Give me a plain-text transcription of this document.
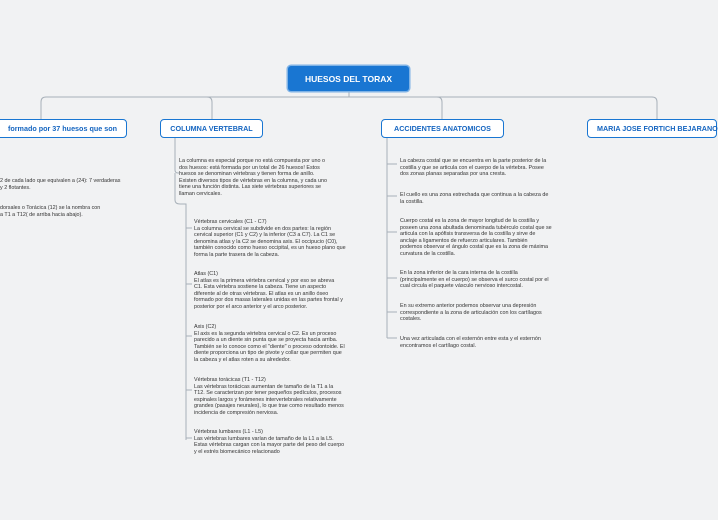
HUESOS DEL TORAX
formado por 37 huesos que son
2 de cada lado que equivalen a (24): 7 verdaderas
y 2 flotantes.
dorsales o Torácica (12) se la nombra con
a T1 a T12( de arriba hacia abajo).
COLUMNA VERTEBRAL
La columna es especial porque no está compuesta por uno o
dos huesos: está formada por un total de 26 huesos! Estos
huesos se denominan vértebras y tienen forma de anillo.
Existen diversos tipos de vértebras en la columna, y cada uno
tiene una función distinta. Las siete vértebras superiores se
llaman cervicales.
Vértebras cervicales (C1 - C7)
La columna cervical se subdivide en dos partes: la región
cervical superior (C1 y C2) y la inferior (C3 a C7). La C1 se
denomina atlas y la C2 se denomina axis. El occipucio (C0),
también conocido como hueso occipital, es un hueso plano que
forma la parte trasera de la cabeza.
Atlas (C1)
El atlas es la primera vértebra cervical y por eso se abreva
C1. Esta vértebra sostiene la cabeza. Tiene un aspecto
diferente al de otras vértebras. El atlas es un anillo óseo
formado por dos masas laterales unidas en las partes frontal y
posterior por el arco anterior y el arco posterior.
Axis (C2)
El axis es la segunda vértebra cervical o C2. Es un proceso
parecido a un diente sin punta que se proyecta hacia arriba.
También se lo conoce como el "diente" o proceso odontoide. El
diente proporciona un tipo de pivote y collar que permiten que
la cabeza y el atlas roten a su alrededor.
Vértebras torácicas (T1 - T12)
Las vértebras torácicas aumentan de tamaño de la T1 a la
T12. Se caracterizan por tener pequeños pedículos, procesos
espinales largos y forámenes intervertebrales relativamente
grandes (pasajes neurales), lo que trae como resultado menos
incidencia de compresión nerviosa.
Vértebras lumbares (L1 - L5)
Las vértebras lumbares varían de tamaño de la L1 a la L5.
Estas vértebras cargan con la mayor parte del peso del cuerpo
y el estrés biomecánico relacionado
ACCIDENTES ANATOMICOS
La cabeza costal que se encuentra en la parte posterior de la
costilla y que se articula con el cuerpo de la vértebra. Posee
dos zonas planas separadas por una cresta.
El cuello es una zona estrechada que continua a la cabeza de
la costilla.
Cuerpo costal es la zona de mayor longitud de la costilla y
poseen una zona abultada denominada tubérculo costal que se
articula con la apófisis transversa de la costilla y sirve de
anclaje a ligamentos de refuerzo articulares. También
podemos observar el ángulo costal que es la zona de máxima
curvatura de la costilla.
En la zona inferior de la cara interna de la costilla
(principalmente en el cuerpo) se observa el surco costal por el
cual circula el paquete vásculo nervioso intercostal.
En su extremo anterior podemos observar una depresión
correspondiente a la zona de articulación con los cartílagos
costales.
Una vez articulada con el esternón entre esta y el esternón
encontramos el cartílago costal.
MARIA JOSE FORTICH BEJARANO
